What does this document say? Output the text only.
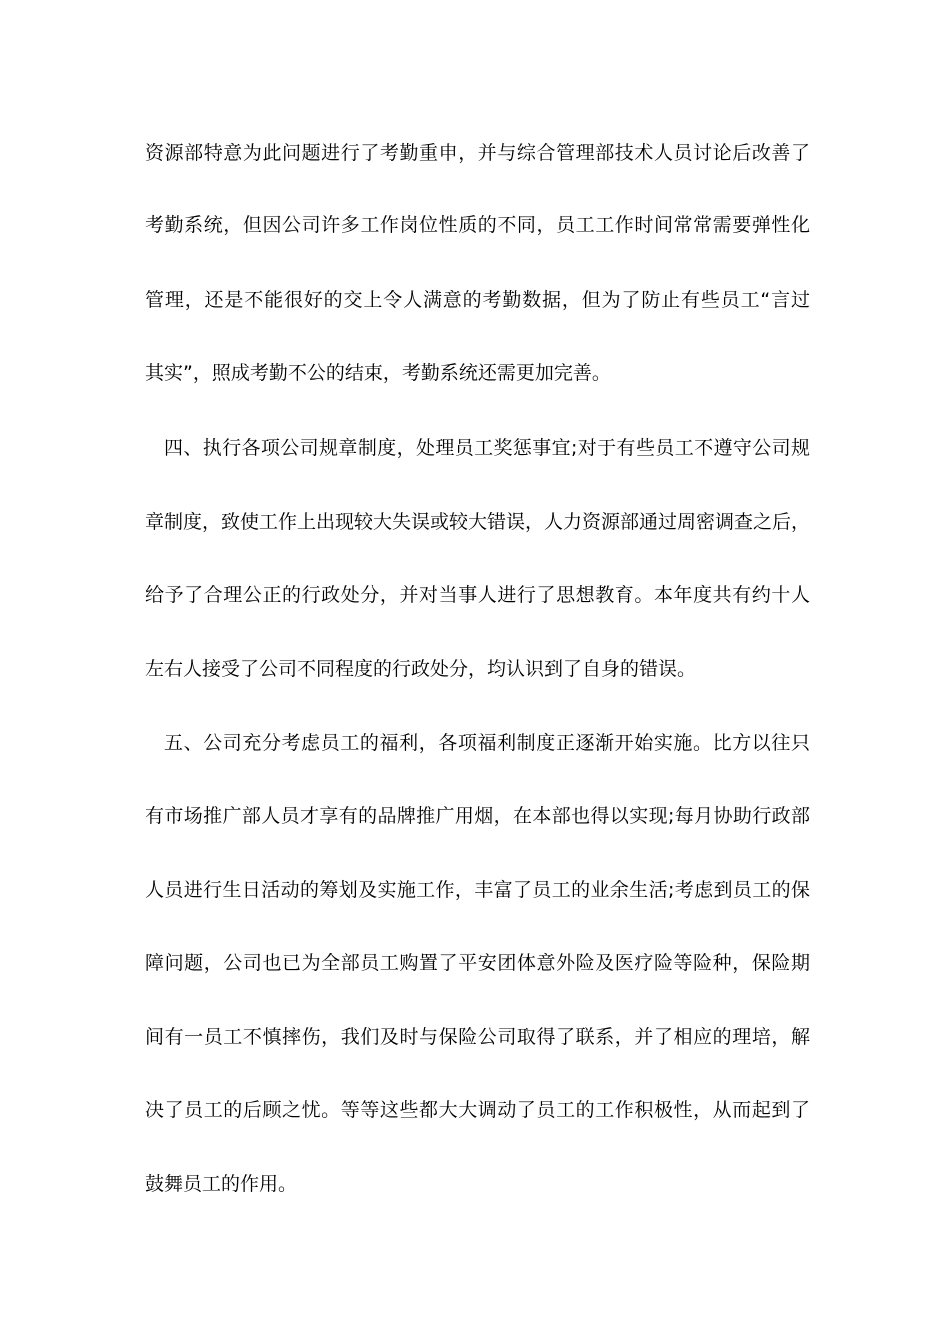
资源部特意为此问题进行了考勤重申，并与综合管理部技术人员讨论后改善了
考勤系统，但因公司许多工作岗位性质的不同，员工工作时间常常需要弹性化
管理，还是不能很好的交上令人满意的考勤数据，但为了防止有些员工“言过
其实”，照成考勤不公的结束，考勤系统还需更加完善。
四、执行各项公司规章制度，处理员工奖惩事宜;对于有些员工不遵守公司规
章制度，致使工作上出现较大失误或较大错误，人力资源部通过周密调查之后，
给予了合理公正的行政处分，并对当事人进行了思想教育。本年度共有约十人
左右人接受了公司不同程度的行政处分，均认识到了自身的错误。
五、公司充分考虑员工的福利，各项福利制度正逐渐开始实施。比方以往只
有市场推广部人员才享有的品牌推广用烟，在本部也得以实现;每月协助行政部
人员进行生日活动的筹划及实施工作，丰富了员工的业余生活;考虑到员工的保
障问题，公司也已为全部员工购置了平安团体意外险及医疗险等险种，保险期
间有一员工不慎摔伤，我们及时与保险公司取得了联系，并了相应的理培，解
决了员工的后顾之忧。等等这些都大大调动了员工的工作积极性，从而起到了
鼓舞员工的作用。
